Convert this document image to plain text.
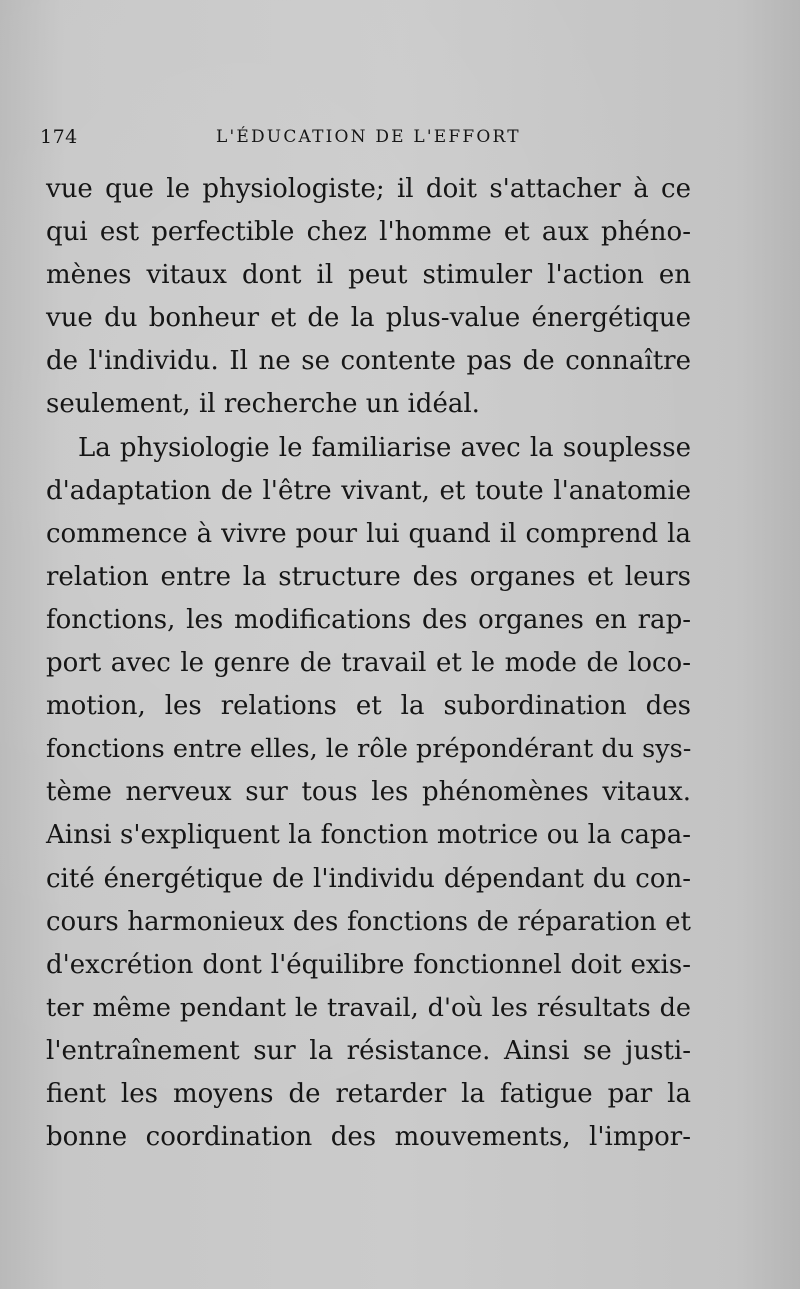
174	L'ÉDUCATION DE L'EFFORT
vue que le physiologiste; il doit s'attacher à ce
qui est perfectible chez l'homme et aux phéno-
mènes vitaux dont il peut stimuler l'action en
vue du bonheur et de la plus-value énergétique
de l'individu. Il ne se contente pas de connaître
seulement, il recherche un idéal.
La physiologie le familiarise avec la souplesse
d'adaptation de l'être vivant, et toute l'anatomie
commence à vivre pour lui quand il comprend la
relation entre la structure des organes et leurs
fonctions, les modifications des organes en rap-
port avec le genre de travail et le mode de loco-
motion, les relations et la subordination des
fonctions entre elles, le rôle prépondérant du sys-
tème nerveux sur tous les phénomènes vitaux.
Ainsi s'expliquent la fonction motrice ou la capa-
cité énergétique de l'individu dépendant du con-
cours harmonieux des fonctions de réparation et
d'excrétion dont l'équilibre fonctionnel doit exis-
ter même pendant le travail, d'où les résultats de
l'entraînement sur la résistance. Ainsi se justi-
fient les moyens de retarder la fatigue par la
bonne coordination des mouvements, l'impor-
